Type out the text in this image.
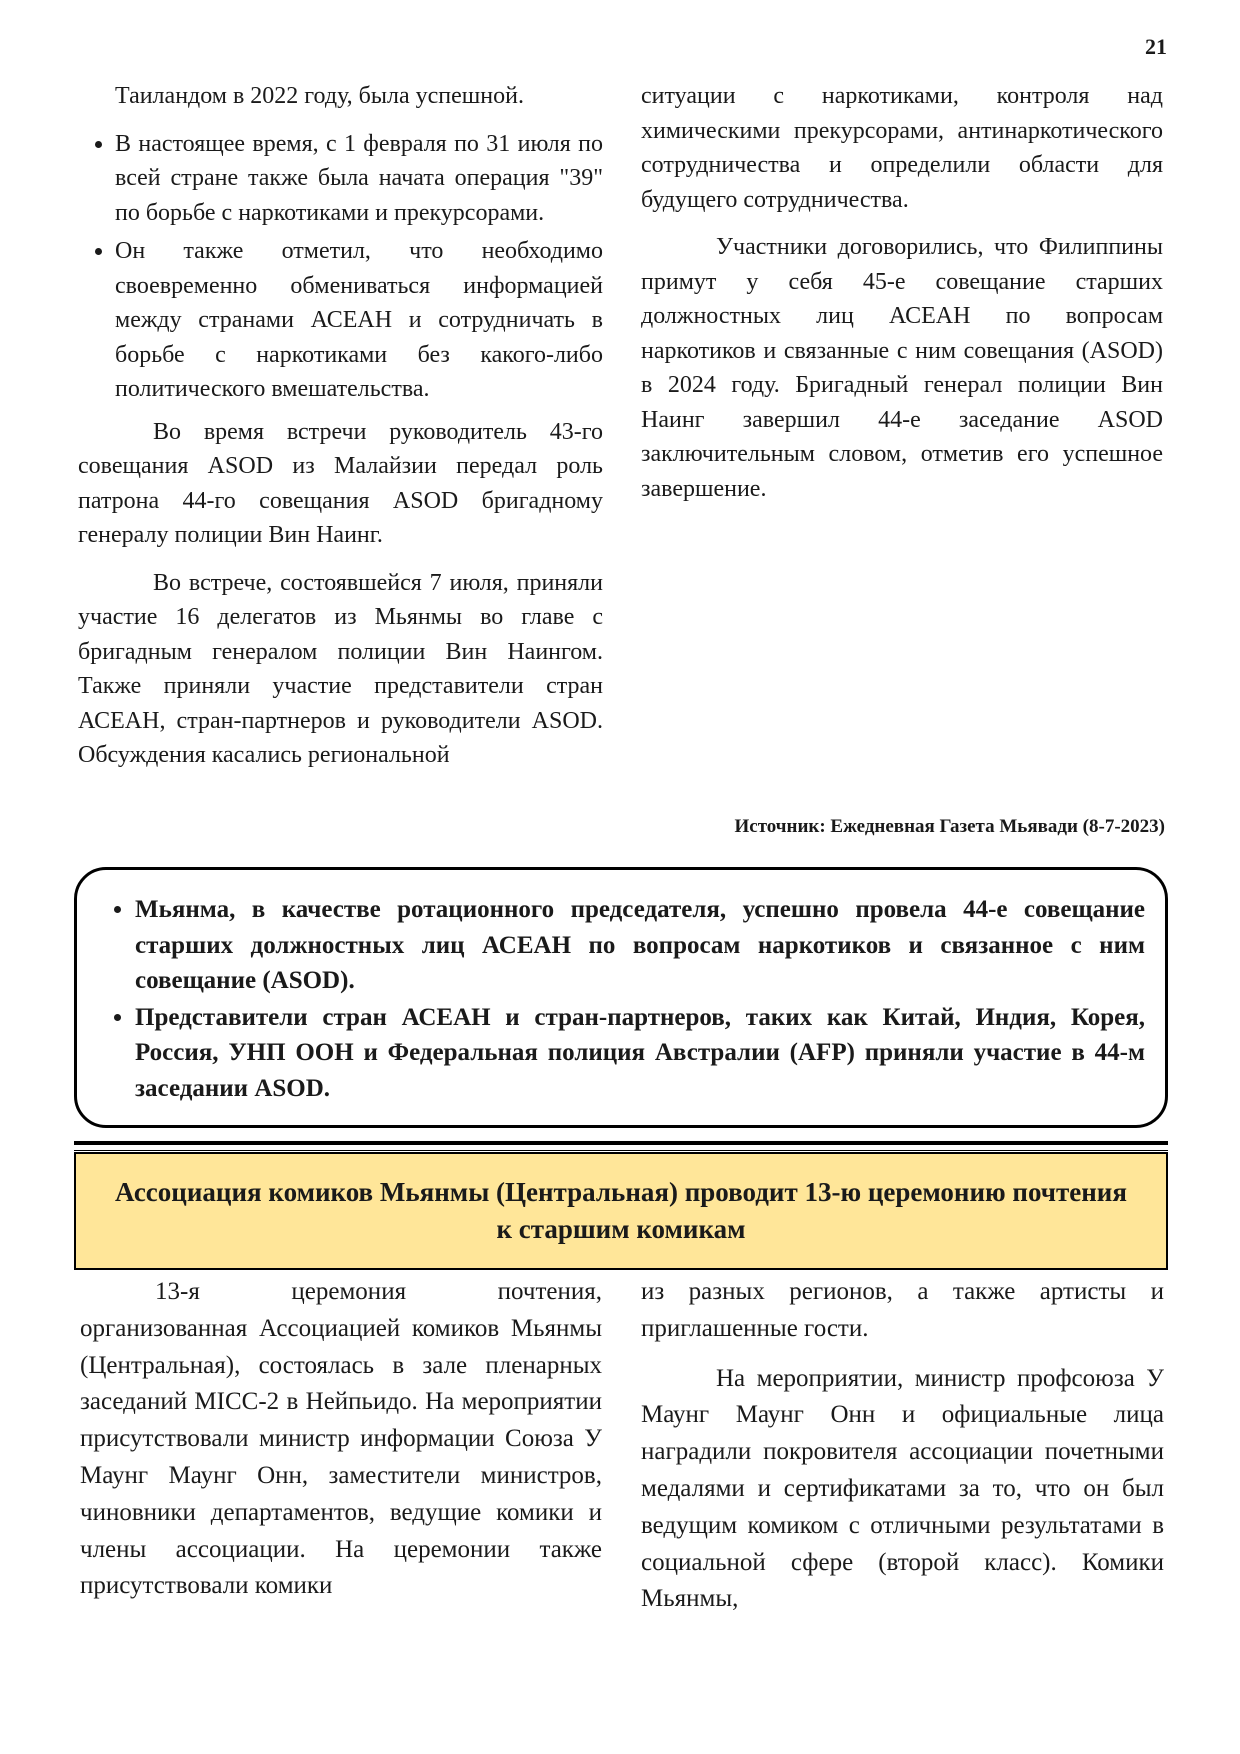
21

Таиландом в 2022 году, была успешной.

• В настоящее время, с 1 февраля по 31 июля по всей стране также была начата операция "39" по борьбе с наркотиками и прекурсорами.
• Он также отметил, что необходимо своевременно обмениваться информацией между странами АСЕАН и сотрудничать в борьбе с наркотиками без какого-либо политического вмешательства.

Во время встречи руководитель 43-го совещания ASOD из Малайзии передал роль патрона 44-го совещания ASOD бригадному генералу полиции Вин Наинг.

Во встрече, состоявшейся 7 июля, приняли участие 16 делегатов из Мьянмы во главе с бригадным генералом полиции Вин Наингом. Также приняли участие представители стран АСЕАН, стран-партнеров и руководители ASOD. Обсуждения касались региональной

ситуации с наркотиками, контроля над химическими прекурсорами, антинаркотического сотрудничества и определили области для будущего сотрудничества.

Участники договорились, что Филиппины примут у себя 45-е совещание старших должностных лиц АСЕАН по вопросам наркотиков и связанные с ним совещания (ASOD) в 2024 году. Бригадный генерал полиции Вин Наинг завершил 44-е заседание ASOD заключительным словом, отметив его успешное завершение.

Источник: Ежедневная Газета Мьявади (8-7-2023)
• Мьянма, в качестве ротационного председателя, успешно провела 44-е совещание старших должностных лиц АСЕАН по вопросам наркотиков и связанное с ним совещание (ASOD).
• Представители стран АСЕАН и стран-партнеров, таких как Китай, Индия, Корея, Россия, УНП ООН и Федеральная полиция Австралии (AFP) приняли участие в 44-м заседании ASOD.
Ассоциация комиков Мьянмы (Центральная) проводит 13-ю церемонию почтения к старшим комикам

13-я церемония почтения, организованная Ассоциацией комиков Мьянмы (Центральная), состоялась в зале пленарных заседаний MICC-2 в Нейпьидо. На мероприятии присутствовали министр информации Союза У Маунг Маунг Онн, заместители министров, чиновники департаментов, ведущие комики и члены ассоциации. На церемонии также присутствовали комики

из разных регионов, а также артисты и приглашенные гости.

На мероприятии, министр профсоюза У Маунг Маунг Онн и официальные лица наградили покровителя ассоциации почетными медалями и сертификатами за то, что он был ведущим комиком с отличными результатами в социальной сфере (второй класс). Комики Мьянмы,
